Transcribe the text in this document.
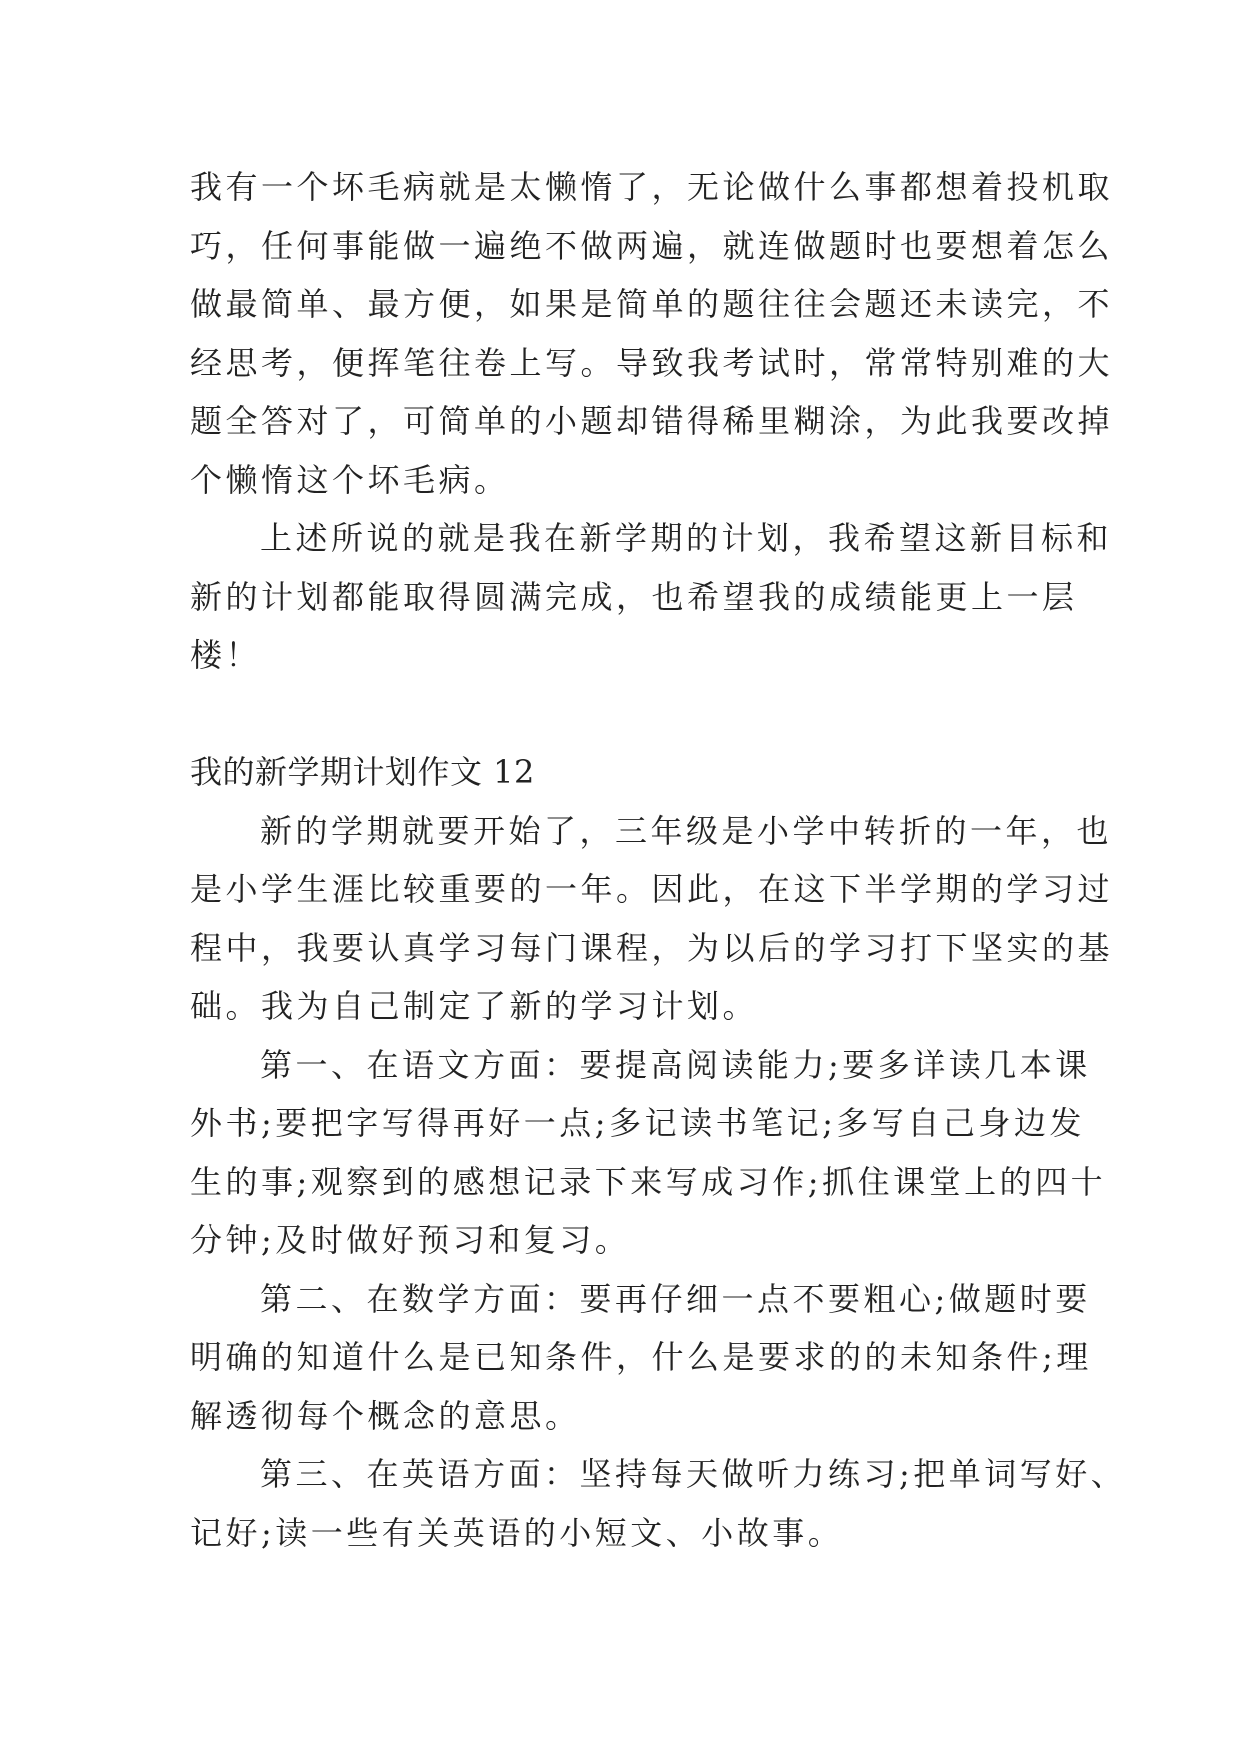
我有一个坏毛病就是太懒惰了，无论做什么事都想着投机取
巧，任何事能做一遍绝不做两遍，就连做题时也要想着怎么
做最简单、最方便，如果是简单的题往往会题还未读完，不
经思考，便挥笔往卷上写。导致我考试时，常常特别难的大
题全答对了，可简单的小题却错得稀里糊涂，为此我要改掉
个懒惰这个坏毛病。
上述所说的就是我在新学期的计划，我希望这新目标和
新的计划都能取得圆满完成，也希望我的成绩能更上一层
楼！
我的新学期计划作文 12
新的学期就要开始了，三年级是小学中转折的一年，也
是小学生涯比较重要的一年。因此，在这下半学期的学习过
程中，我要认真学习每门课程，为以后的学习打下坚实的基
础。我为自己制定了新的学习计划。
第一、在语文方面：要提高阅读能力;要多详读几本课
外书;要把字写得再好一点;多记读书笔记;多写自己身边发
生的事;观察到的感想记录下来写成习作;抓住课堂上的四十
分钟;及时做好预习和复习。
第二、在数学方面：要再仔细一点不要粗心;做题时要
明确的知道什么是已知条件，什么是要求的的未知条件;理
解透彻每个概念的意思。
第三、在英语方面：坚持每天做听力练习;把单词写好、
记好;读一些有关英语的小短文、小故事。
